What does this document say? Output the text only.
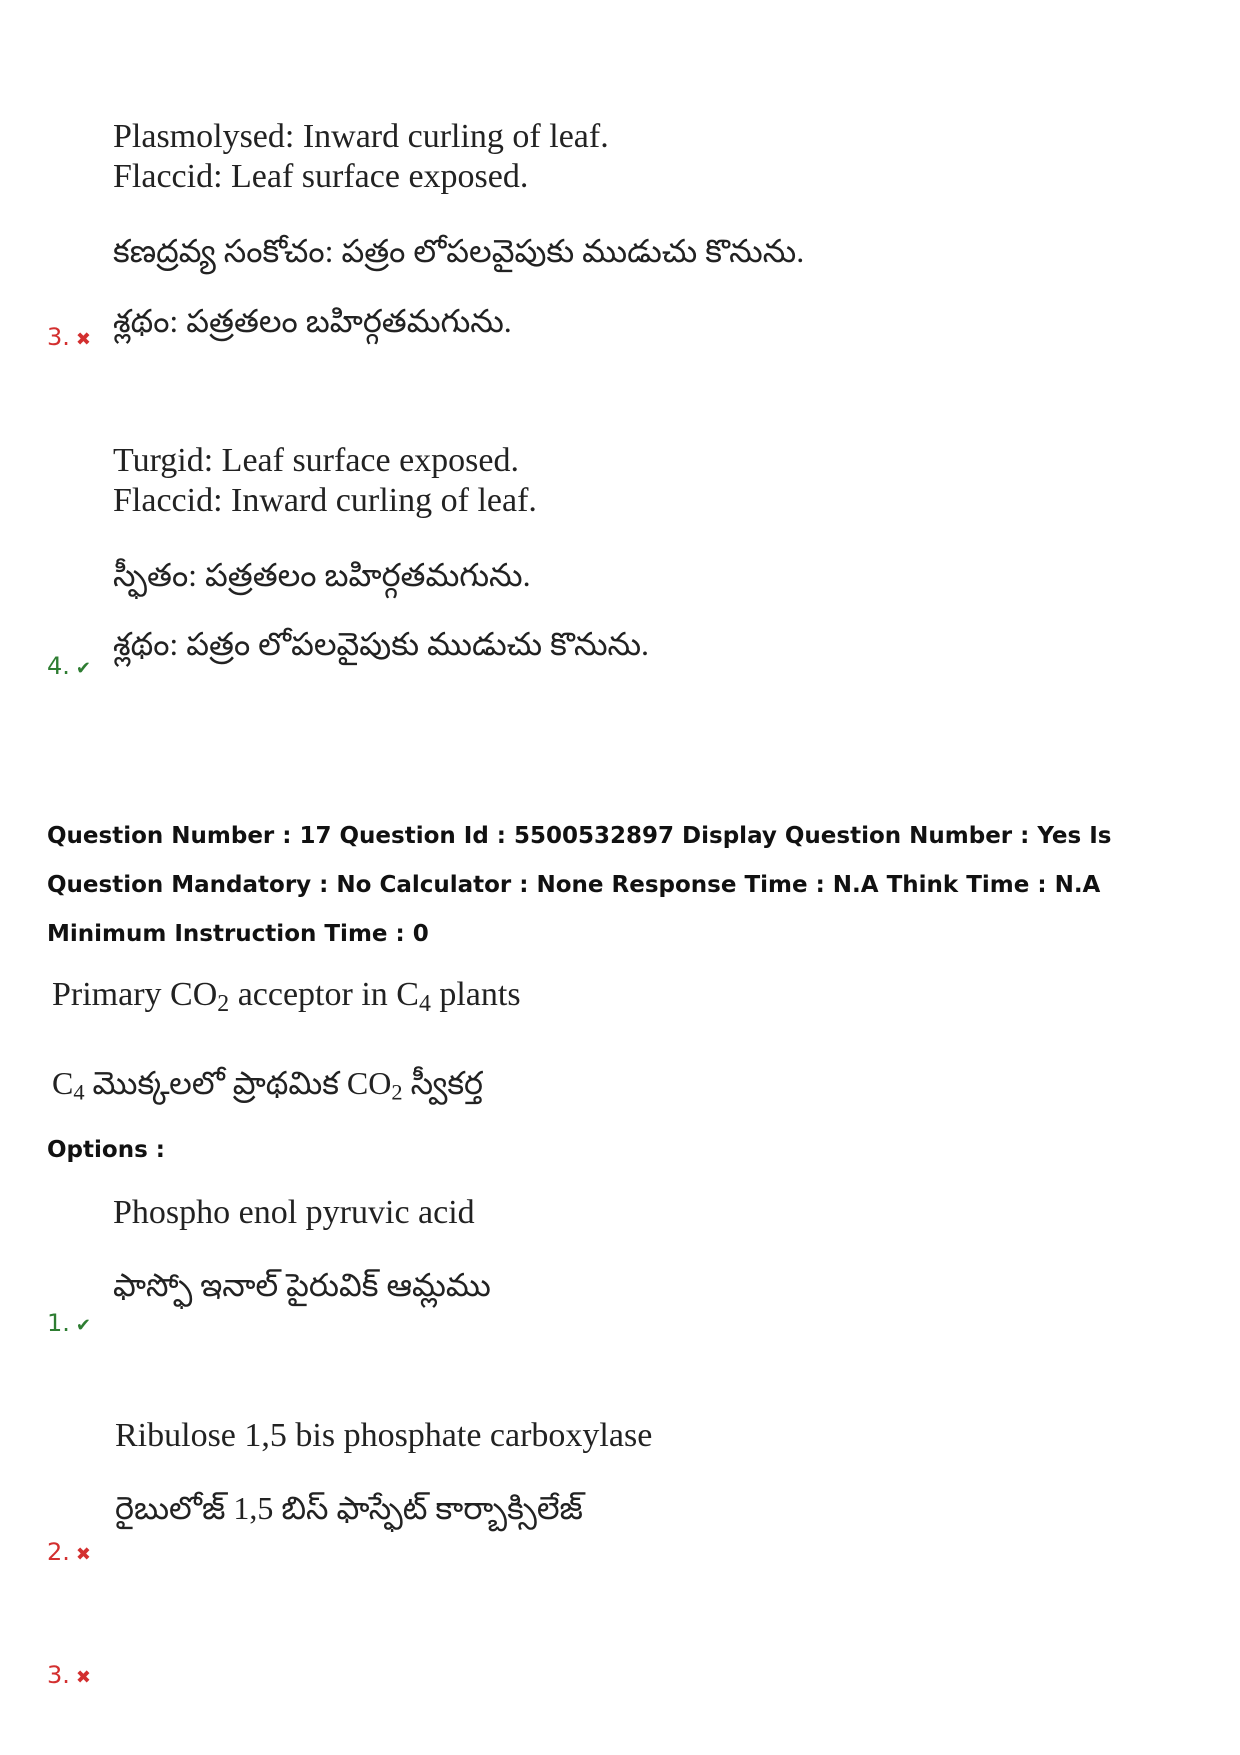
Plasmolysed: Inward curling of leaf.
Flaccid: Leaf surface exposed.
కణద్రవ్య సంకోచం: పత్రం లోపలవైపుకు ముడుచు కొనును.
శ్లథం: పత్రతలం బహిర్గతమగును.
3. ✖
Turgid: Leaf surface exposed.
Flaccid: Inward curling of leaf.
స్ఫీతం: పత్రతలం బహిర్గతమగును.
శ్లథం: పత్రం లోపలవైపుకు ముడుచు కొనును.
4. ✔
Question Number : 17 Question Id : 5500532897 Display Question Number : Yes Is Question Mandatory : No Calculator : None Response Time : N.A Think Time : N.A Minimum Instruction Time : 0
Primary $CO_2$ acceptor in $C_4$ plants
$C_4$ మొక్కలలో ప్రాథమిక $CO_2$ స్వీకర్త
Options :
Phospho enol pyruvic acid
ఫాస్ఫో ఇనాల్ పైరువిక్ ఆమ్లము
1. ✔
Ribulose 1,5 bis phosphate carboxylase
రైబులోజ్ 1,5 బిస్ ఫాస్ఫేట్ కార్బాక్సిలేజ్
2. ✖
3. ✖
